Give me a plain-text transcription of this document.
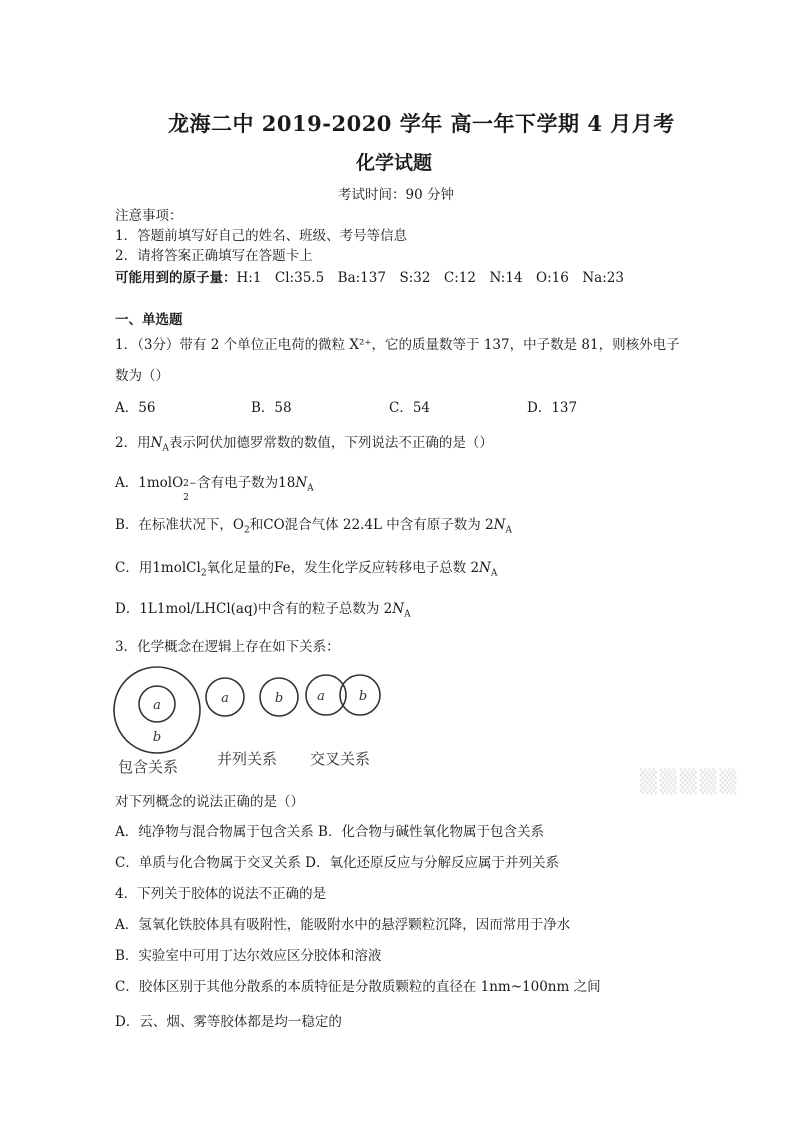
龙海二中 2019-2020 学年 高一年下学期 4 月月考
化学试题
考试时间：90 分钟
注意事项：
1．答题前填写好自己的姓名、班级、考号等信息
2．请将答案正确填写在答题卡上
可能用到的原子量：H:1　Cl:35.5　Ba:137　S:32　C:12　N:14　O:16　Na:23
一、单选题
1．（3分）带有 2 个单位正电荷的微粒 X²⁺，它的质量数等于 137，中子数是 81，则核外电子
数为（）
A．56	B．58	C．54	D．137
2．用$N_A$表示阿伏加德罗常数的数值，下列说法不正确的是（）
A．1molO 2−
2
含有电子数为$18N_A$
B．在标准状况下，$O_2$和CO混合气体 22.4L 中含有原子数为 $2N_A$
C．用1molCl$_2$氧化足量的Fe，发生化学反应转移电子总数 $2N_A$
D．1L1mol/LHCl(aq)中含有的粒子总数为 $2N_A$
3．化学概念在逻辑上存在如下关系：
a
b
a	b	a	b
包含关系	并列关系 交叉关系
▒▒▒▒▒
对下列概念的说法正确的是（）
A．纯净物与混合物属于包含关系 B．化合物与碱性氧化物属于包含关系
C．单质与化合物属于交叉关系 D．氧化还原反应与分解反应属于并列关系
4．下列关于胶体的说法不正确的是
A．氢氧化铁胶体具有吸附性，能吸附水中的悬浮颗粒沉降，因而常用于净水
B．实验室中可用丁达尔效应区分胶体和溶液
C．胶体区别于其他分散系的本质特征是分散质颗粒的直径在 1nm~100nm 之间
D．云、烟、雾等胶体都是均一稳定的
